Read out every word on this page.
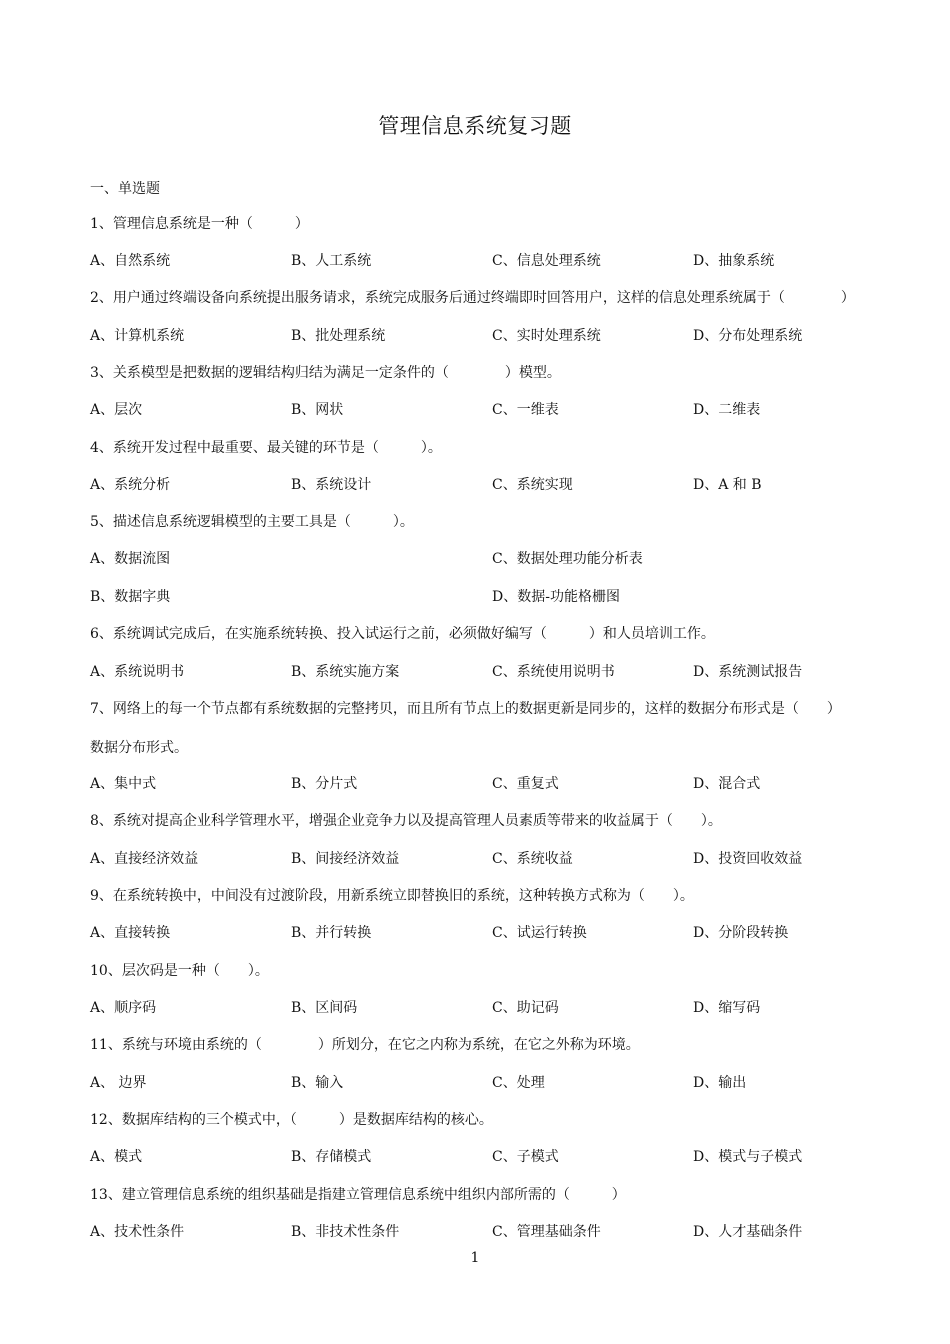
管理信息系统复习题
一、单选题
1、管理信息系统是一种（　　　）
A、自然系统	B、人工系统	C、信息处理系统	D、抽象系统
2、用户通过终端设备向系统提出服务请求，系统完成服务后通过终端即时回答用户，这样的信息处理系统属于（　　　　）
A、计算机系统	B、批处理系统	C、实时处理系统	D、分布处理系统
3、关系模型是把数据的逻辑结构归结为满足一定条件的（　　　　）模型。
A、层次	B、网状	C、一维表	D、二维表
4、系统开发过程中最重要、最关键的环节是（　　　）。
A、系统分析	B、系统设计	C、系统实现	D、A 和 B
5、描述信息系统逻辑模型的主要工具是（　　　）。
A、数据流图	C、数据处理功能分析表
B、数据字典	D、数据-功能格栅图
6、系统调试完成后，在实施系统转换、投入试运行之前，必须做好编写（　　　）和人员培训工作。
A、系统说明书	B、系统实施方案	C、系统使用说明书	D、系统测试报告
7、网络上的每一个节点都有系统数据的完整拷贝，而且所有节点上的数据更新是同步的，这样的数据分布形式是（　　）
数据分布形式。
A、集中式	B、分片式	C、重复式	D、混合式
8、系统对提高企业科学管理水平，增强企业竞争力以及提高管理人员素质等带来的收益属于（　　）。
A、直接经济效益	B、间接经济效益	C、系统收益	D、投资回收效益
9、在系统转换中，中间没有过渡阶段，用新系统立即替换旧的系统，这种转换方式称为（　　）。
A、直接转换	B、并行转换	C、试运行转换	D、分阶段转换
10、层次码是一种（　　）。
A、顺序码	B、区间码	C、助记码	D、缩写码
11、系统与环境由系统的（　　　　）所划分，在它之内称为系统，在它之外称为环境。
A、 边界	B、输入	C、处理	D、输出
12、数据库结构的三个模式中，（　　　）是数据库结构的核心。
A、模式	B、存储模式	C、子模式	D、模式与子模式
13、建立管理信息系统的组织基础是指建立管理信息系统中组织内部所需的（　　　）
A、技术性条件	B、非技术性条件	C、管理基础条件	D、人才基础条件
1
